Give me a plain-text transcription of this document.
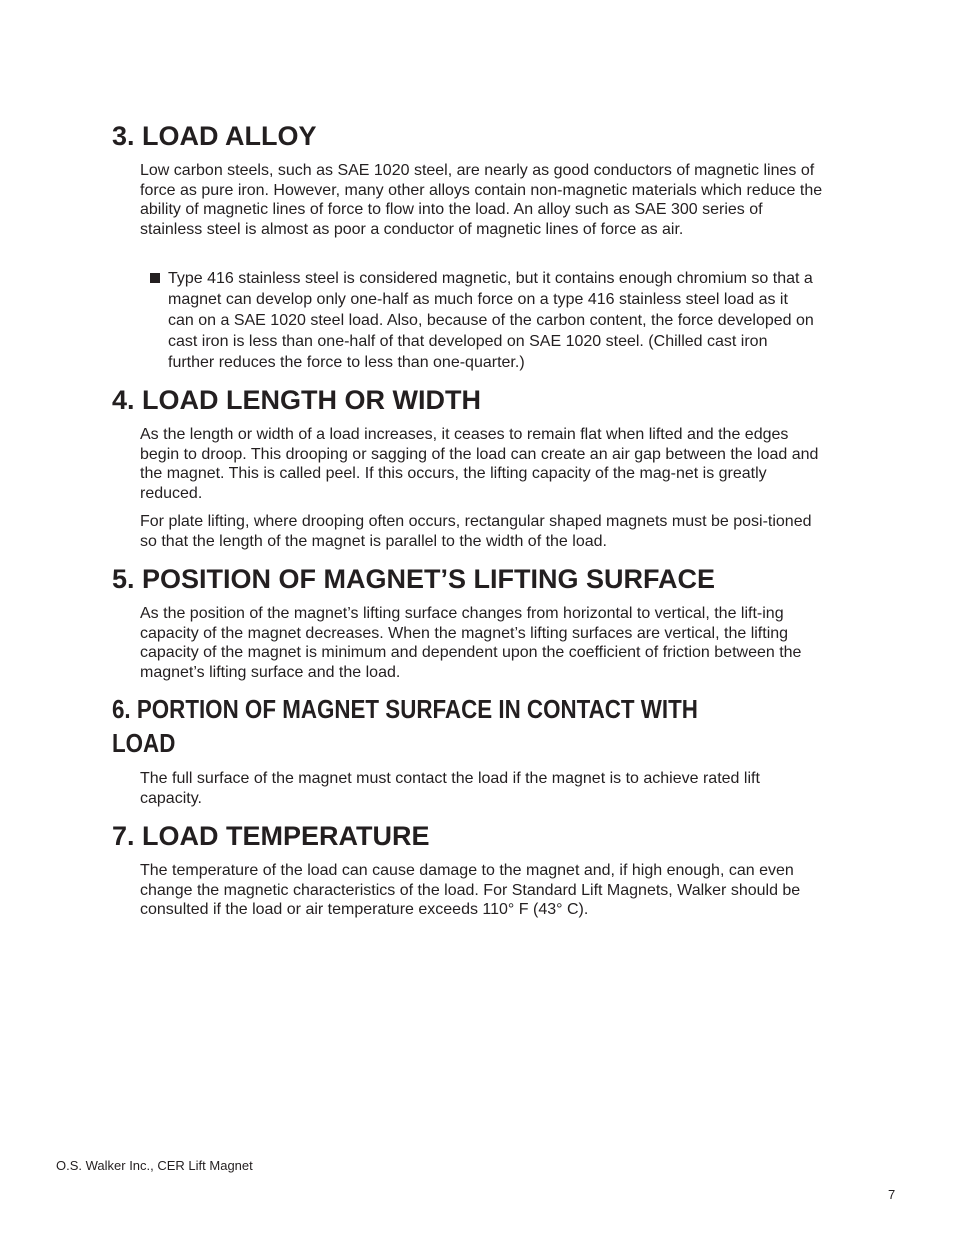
3. LOAD ALLOY

Low carbon steels, such as SAE 1020 steel, are nearly as good conductors of magnetic lines of force as pure iron. However, many other alloys contain non-magnetic materials which reduce the ability of magnetic lines of force to flow into the load. An alloy such as SAE 300 series of stainless steel is almost as poor a conductor of magnetic lines of force as air.

Type 416 stainless steel is considered magnetic, but it contains enough chromium so that a magnet can develop only one-half as much force on a type 416 stainless steel load as it can on a SAE 1020 steel load. Also, because of the carbon content, the force developed on cast iron is less than one-half of that developed on SAE 1020 steel. (Chilled cast iron further reduces the force to less than one-quarter.)

4. LOAD LENGTH OR WIDTH

As the length or width of a load increases, it ceases to remain flat when lifted and the edges begin to droop. This drooping or sagging of the load can create an air gap between the load and the magnet. This is called peel. If this occurs, the lifting capacity of the mag-net is greatly reduced.

For plate lifting, where drooping often occurs, rectangular shaped magnets must be posi-tioned so that the length of the magnet is parallel to the width of the load.

5. POSITION OF MAGNET’S LIFTING SURFACE

As the position of the magnet’s lifting surface changes from horizontal to vertical, the lift-ing capacity of the magnet decreases. When the magnet’s lifting surfaces are vertical, the lifting capacity of the magnet is minimum and dependent upon the coefficient of friction between the magnet’s lifting surface and the load.

6. PORTION OF MAGNET SURFACE IN CONTACT WITH
LOAD

The full surface of the magnet must contact the load if the magnet is to achieve rated lift capacity.

7. LOAD TEMPERATURE

The temperature of the load can cause damage to the magnet and, if high enough, can even change the magnetic characteristics of the load. For Standard Lift Magnets, Walker should be consulted if the load or air temperature exceeds 110° F (43° C).

O.S. Walker Inc., CER Lift Magnet
7
